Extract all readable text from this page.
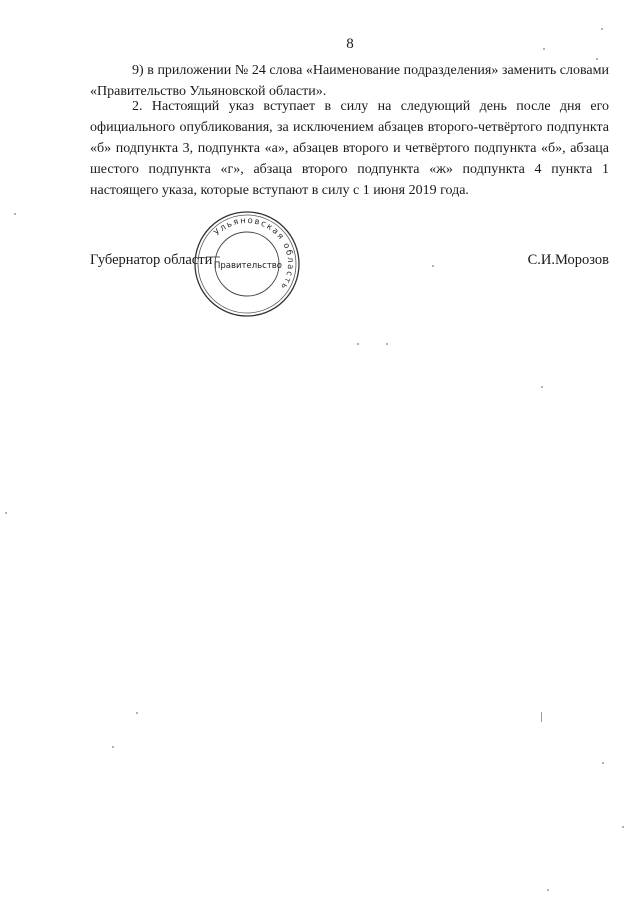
8

9) в приложении № 24 слова «Наименование подразделения» заменить словами «Правительство Ульяновской области».

2. Настоящий указ вступает в силу на следующий день после дня его официального опубликования, за исключением абзацев второго-четвёртого подпункта «б» подпункта 3, подпункта «а», абзацев второго и четвёртого подпункта «б», абзаца шестого подпункта «г», абзаца второго подпункта «ж» подпункта 4 пункта 1 настоящего указа, которые вступают в силу с 1 июня 2019 года.

Губернатор области
Ульяновская область
Правительство	С.И.Морозов
